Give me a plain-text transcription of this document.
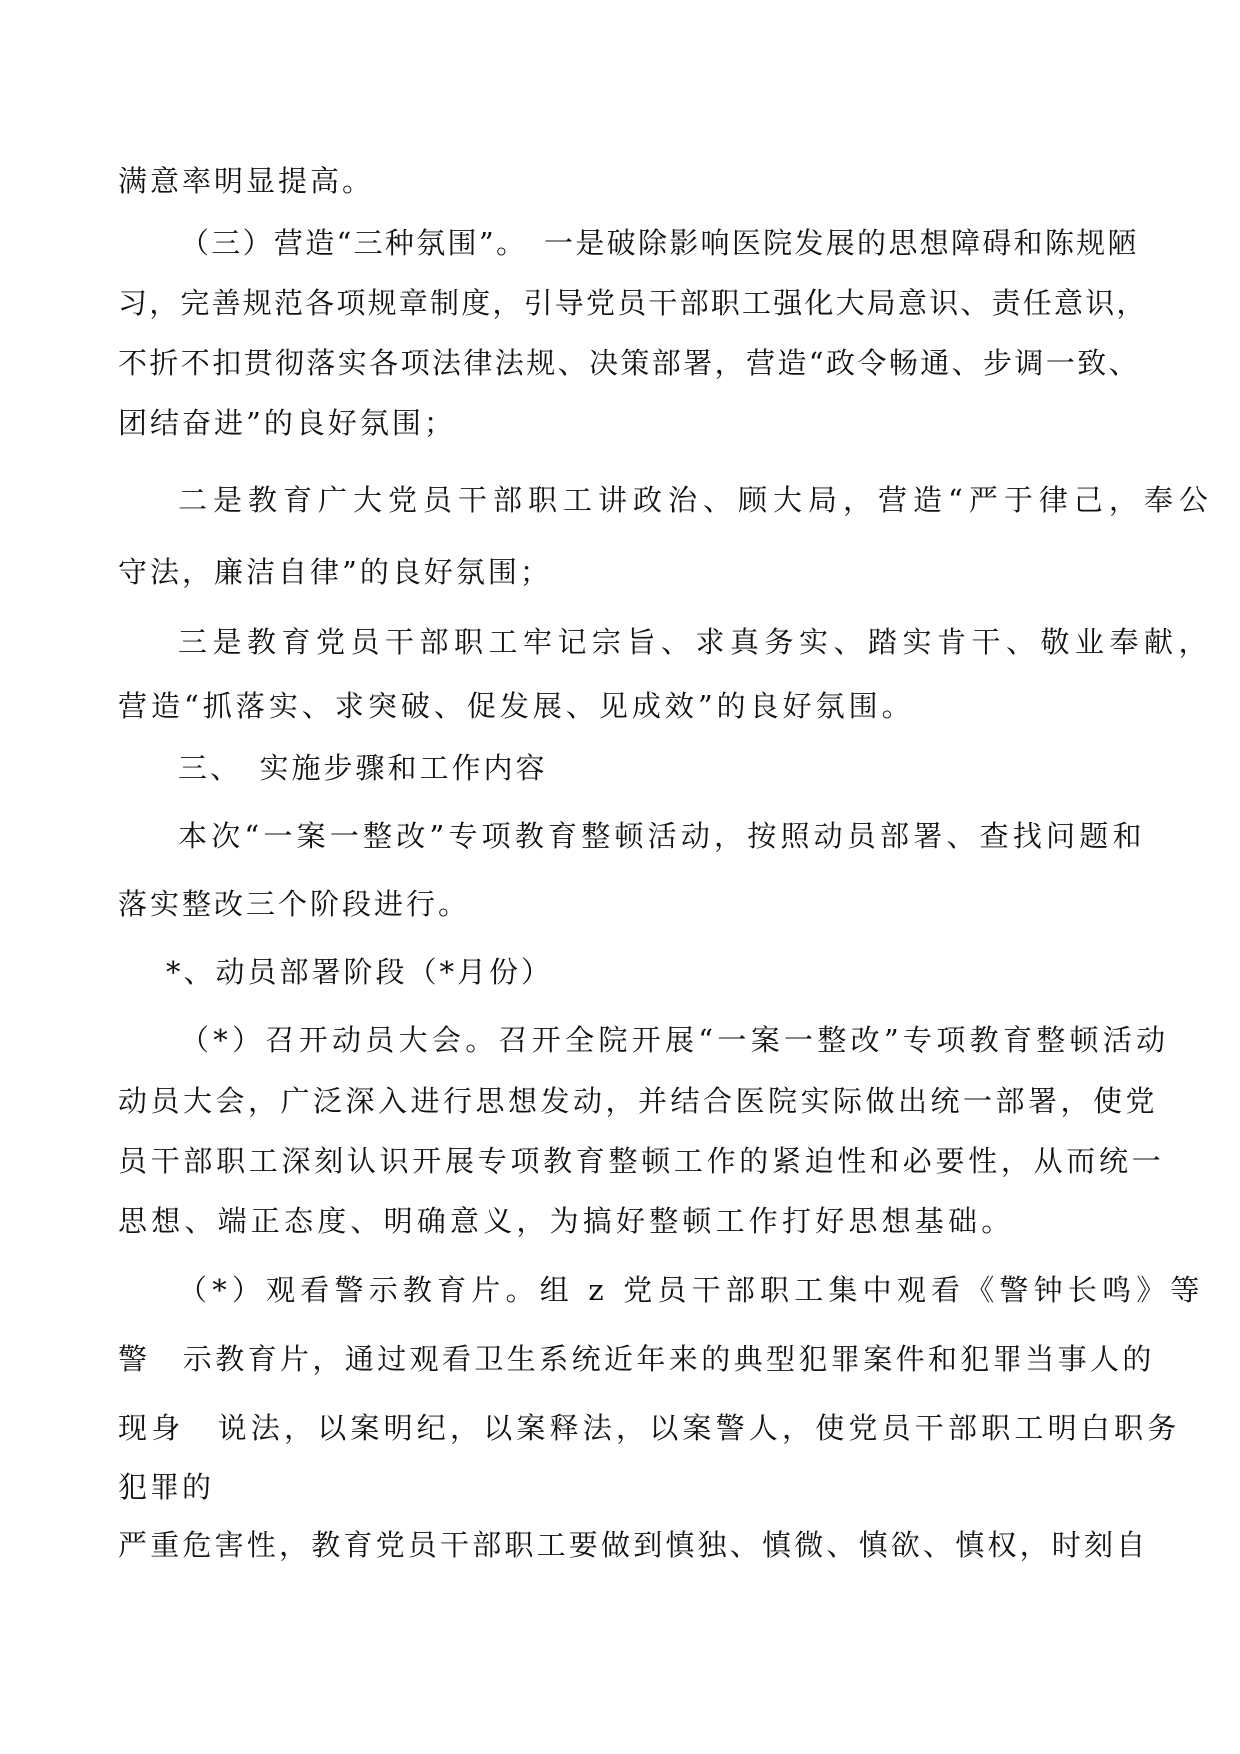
满意率明显提高。
（三）营造“三种氛围”。　一是破除影响医院发展的思想障碍和陈规陋
习，完善规范各项规章制度，引导党员干部职工强化大局意识、责任意识，
不折不扣贯彻落实各项法律法规、决策部署，营造“政令畅通、步调一致、
团结奋进”的良好氛围；
二是教育广大党员干部职工讲政治、顾大局，营造“严于律己，奉公
守法，廉洁自律”的良好氛围；
三是教育党员干部职工牢记宗旨、求真务实、踏实肯干、敬业奉献，
营造“抓落实、求突破、促发展、见成效”的良好氛围。
三、　实施步骤和工作内容
本次“一案一整改”专项教育整顿活动，按照动员部署、查找问题和
落实整改三个阶段进行。
*、动员部署阶段（*月份）
（*）召开动员大会。召开全院开展“一案一整改”专项教育整顿活动
动员大会，广泛深入进行思想发动，并结合医院实际做出统一部署，使党
员干部职工深刻认识开展专项教育整顿工作的紧迫性和必要性，从而统一
思想、端正态度、明确意义，为搞好整顿工作打好思想基础。
（*）观看警示教育片。组 z 党员干部职工集中观看《警钟长鸣》等
警　示教育片，通过观看卫生系统近年来的典型犯罪案件和犯罪当事人的
现身　说法，以案明纪，以案释法，以案警人，使党员干部职工明白职务
犯罪的
严重危害性，教育党员干部职工要做到慎独、慎微、慎欲、慎权，时刻自
